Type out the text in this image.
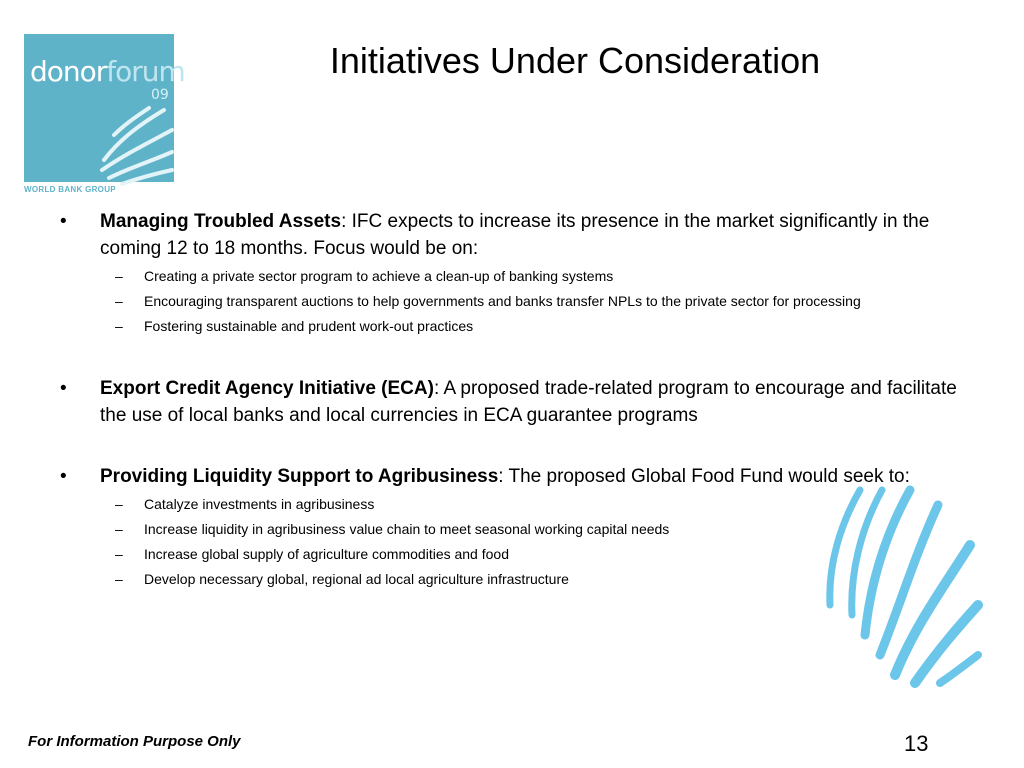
donorforum
09
WORLD BANK GROUP
Initiatives Under Consideration
• Managing Troubled Assets: IFC expects to increase its presence in the market significantly in the coming 12 to 18 months. Focus would be on:
– Creating a private sector program to achieve a clean-up of banking systems
– Encouraging transparent auctions to help governments and banks transfer NPLs to the private sector for processing
– Fostering sustainable and prudent work-out practices
• Export Credit Agency Initiative (ECA): A proposed trade-related program to encourage and facilitate the use of local banks and local currencies in ECA guarantee programs
• Providing Liquidity Support to Agribusiness: The proposed Global Food Fund would seek to:
– Catalyze investments in agribusiness
– Increase liquidity in agribusiness value chain to meet seasonal working capital needs
– Increase global supply of agriculture commodities and food
– Develop necessary global, regional ad local agriculture infrastructure
For Information Purpose Only	13
